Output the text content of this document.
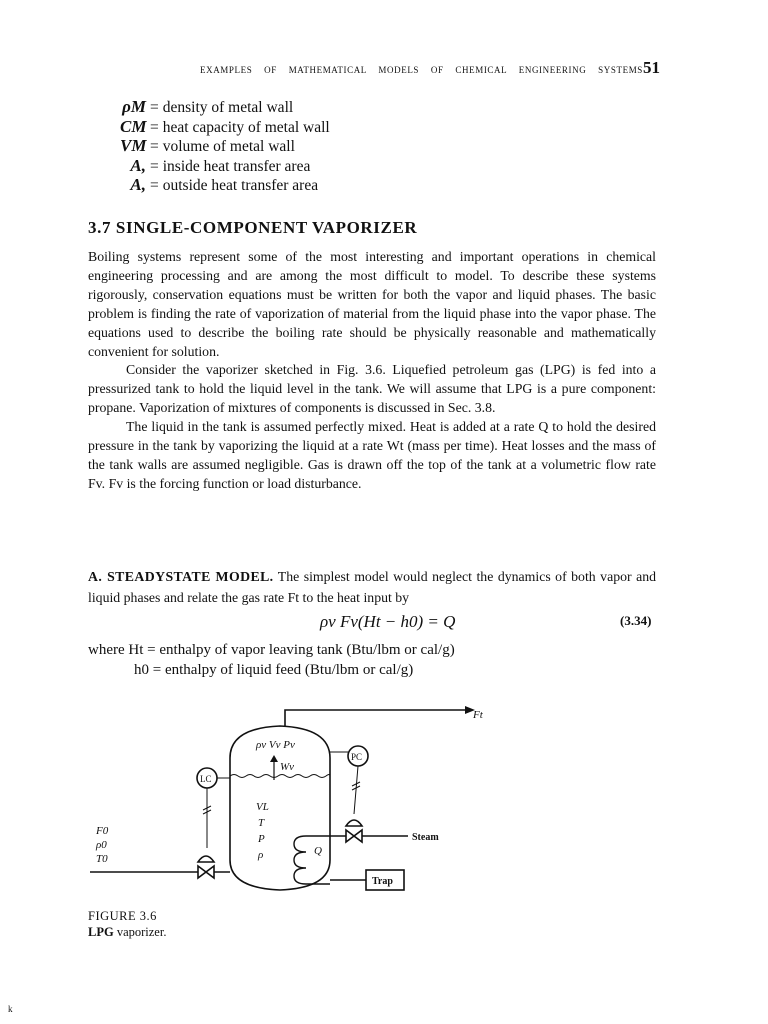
EXAMPLES OF MATHEMATICAL MODELS OF CHEMICAL ENGINEERING SYSTEMS 51
ρM = density of metal wall
CM = heat capacity of metal wall
VM = volume of metal wall
A, = inside heat transfer area
A, = outside heat transfer area
3.7 SINGLE-COMPONENT VAPORIZER

Boiling systems represent some of the most interesting and important operations in chemical engineering processing and are among the most difficult to model. To describe these systems rigorously, conservation equations must be written for both the vapor and liquid phases. The basic problem is finding the rate of vaporization of material from the liquid phase into the vapor phase. The equations used to describe the boiling rate should be physically reasonable and mathematically convenient for solution.

Consider the vaporizer sketched in Fig. 3.6. Liquefied petroleum gas (LPG) is fed into a pressurized tank to hold the liquid level in the tank. We will assume that LPG is a pure component: propane. Vaporization of mixtures of components is discussed in Sec. 3.8.

The liquid in the tank is assumed perfectly mixed. Heat is added at a rate Q to hold the desired pressure in the tank by vaporizing the liquid at a rate Wt (mass per time). Heat losses and the mass of the tank walls are assumed negligible. Gas is drawn off the top of the tank at a volumetric flow rate Fv. Fv is the forcing function or load disturbance.

A. STEADYSTATE MODEL. The simplest model would neglect the dynamics of both vapor and liquid phases and relate the gas rate Ft to the heat input by
ρv Fv(Ht − h0) = Q	(3.34)
where Ht = enthalpy of vapor leaving tank (Btu/lbm or cal/g)
h0 = enthalpy of liquid feed (Btu/lbm or cal/g)
Ft
ρv Vv Pv
Wv
VL
T
P
ρ	Q
Steam
PC
LC
F0
ρ0
T0
Trap
FIGURE 3.6
LPG vaporizer.
k
